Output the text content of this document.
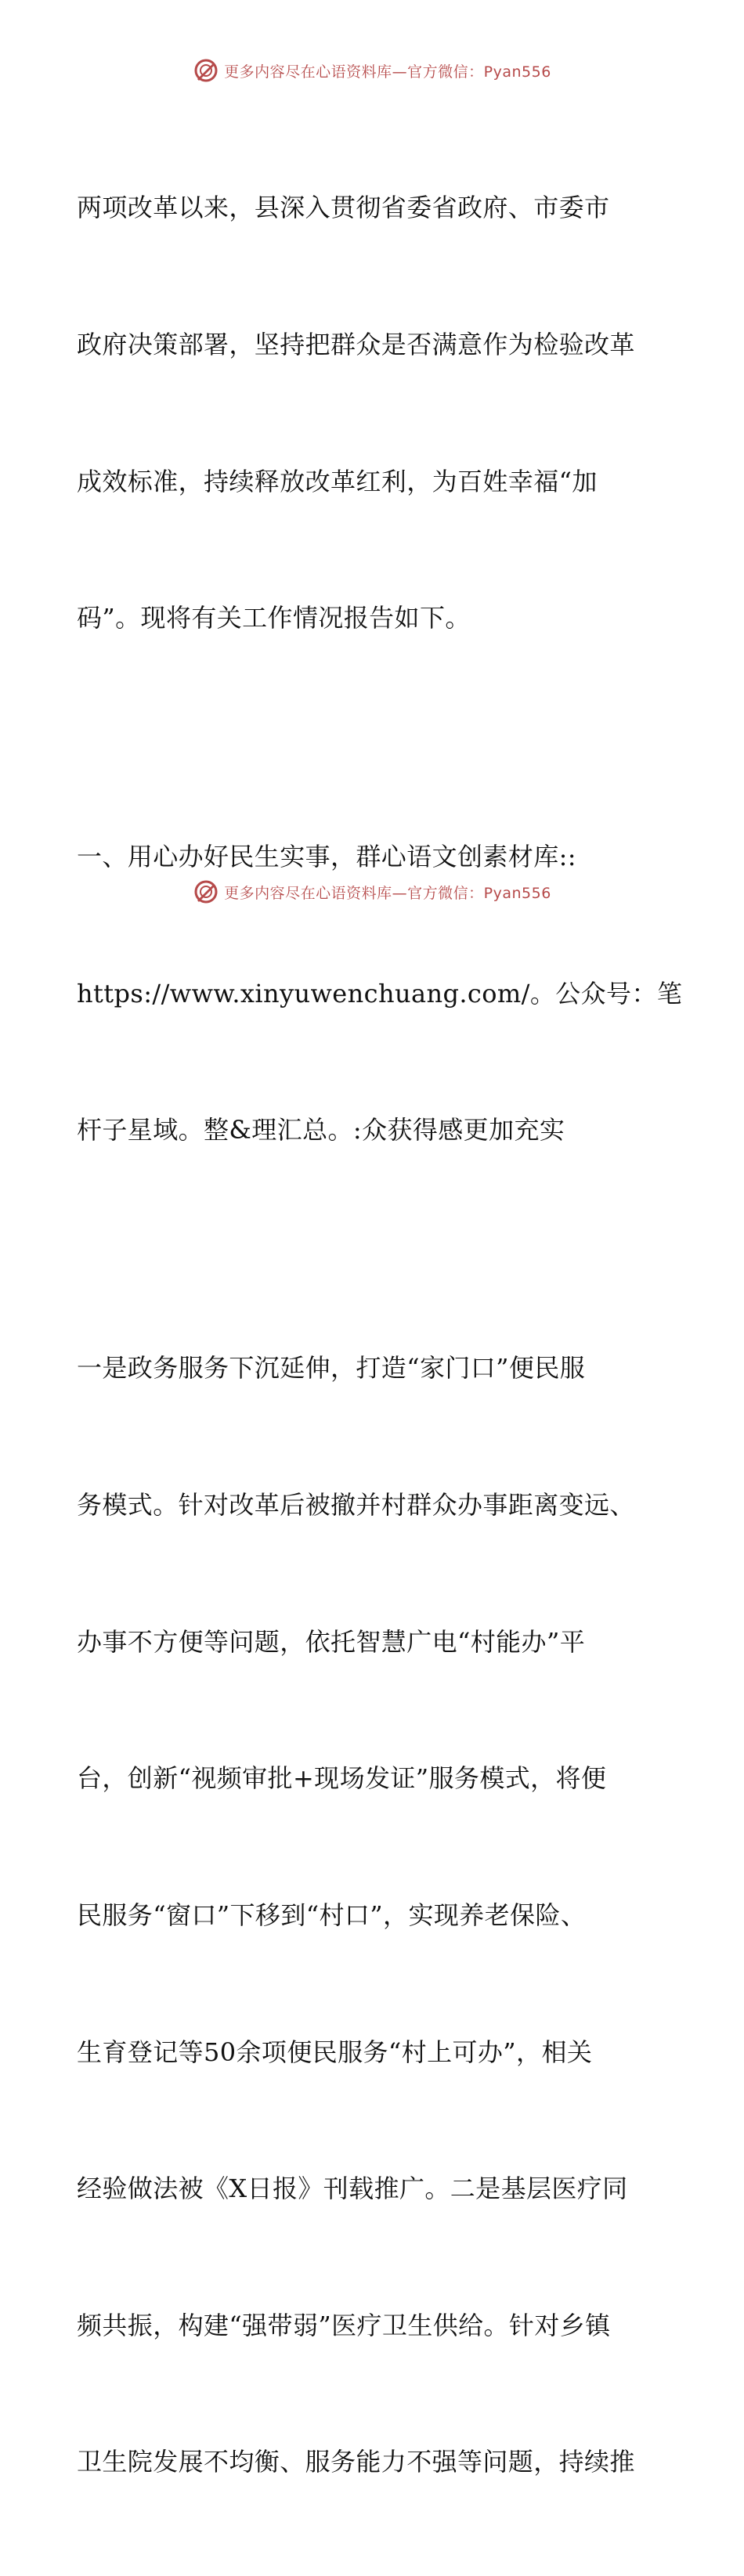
更多内容尽在心语资料库—官方微信：Pyan556

两项改革以来，县深入贯彻省委省政府、市委市

政府决策部署，坚持把群众是否满意作为检验改革

成效标准，持续释放改革红利，为百姓幸福“加

码”。现将有关工作情况报告如下。

一、用心办好民生实事，群心语文创素材库::

https://www.xinyuwenchuang.com/。公众号：笔

杆子星域。整&理汇总。:众获得感更加充实

一是政务服务下沉延伸，打造“家门口”便民服

务模式。针对改革后被撤并村群众办事距离变远、

办事不方便等问题，依托智慧广电“村能办”平

台，创新“视频审批+现场发证”服务模式，将便

民服务“窗口”下移到“村口”，实现养老保险、

生育登记等50余项便民服务“村上可办”，相关

经验做法被《X日报》刊载推广。二是基层医疗同

频共振，构建“强带弱”医疗卫生供给。针对乡镇

卫生院发展不均衡、服务能力不强等问题，持续推

更多内容尽在心语资料库—官方微信：Pyan556
